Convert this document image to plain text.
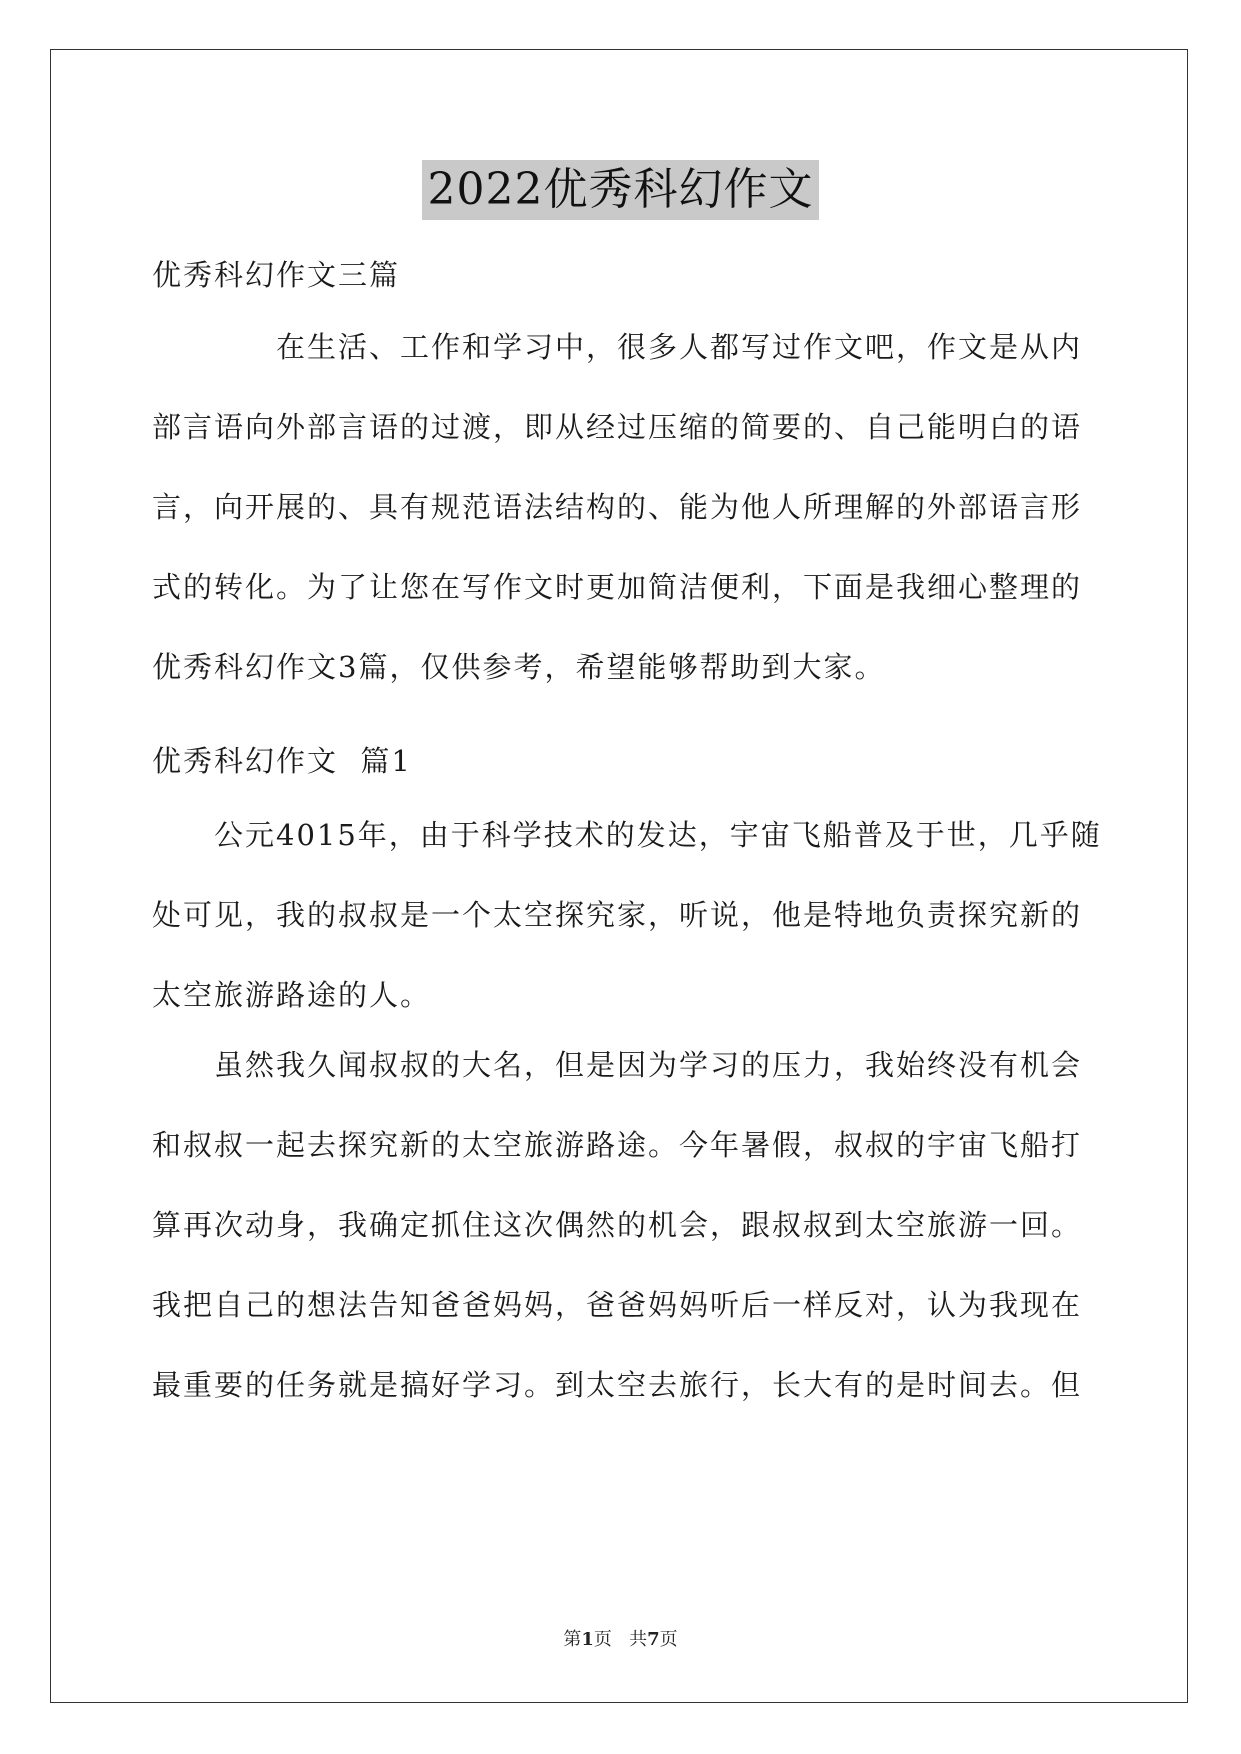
2022优秀科幻作文
优秀科幻作文三篇
在生活、工作和学习中，很多人都写过作文吧，作文是从内
部言语向外部言语的过渡，即从经过压缩的简要的、自己能明白的语
言，向开展的、具有规范语法结构的、能为他人所理解的外部语言形
式的转化。为了让您在写作文时更加简洁便利，下面是我细心整理的
优秀科幻作文3篇，仅供参考，希望能够帮助到大家。
优秀科幻作文  篇1
公元4015年，由于科学技术的发达，宇宙飞船普及于世，几乎随
处可见，我的叔叔是一个太空探究家，听说，他是特地负责探究新的
太空旅游路途的人。
虽然我久闻叔叔的大名，但是因为学习的压力，我始终没有机会
和叔叔一起去探究新的太空旅游路途。今年暑假，叔叔的宇宙飞船打
算再次动身，我确定抓住这次偶然的机会，跟叔叔到太空旅游一回。
我把自己的想法告知爸爸妈妈，爸爸妈妈听后一样反对，认为我现在
最重要的任务就是搞好学习。到太空去旅行，长大有的是时间去。但
第1页   共7页
